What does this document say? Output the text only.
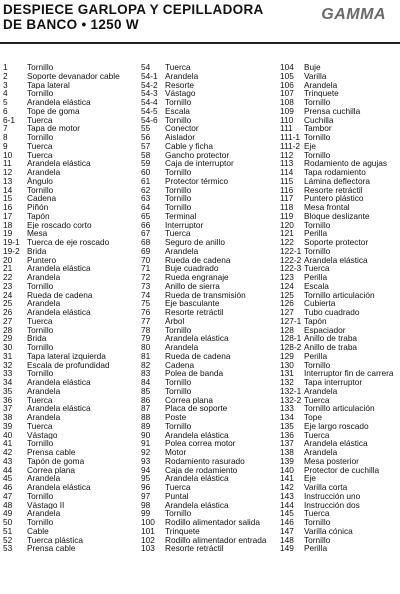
DESPIECE GARLOPA Y CEPILLADORA
DE BANCO • 1250 W
GAMMA
1	Tornillo
2	Soporte devanador cable
3	Tapa lateral
4	Tornillo
5	Arandela elástica
6	Tope de goma
6-1	Tuerca
7	Tapa de motor
8	Tornillo
9	Tuerca
10	Tuerca
11	Arandela elástica
12	Arandela
13	Ángulo
14	Tornillo
15	Cadena
16	Piñón
17	Tapón
18	Eje roscado corto
19	Mesa
19-1 Tuerca de eje roscado
19-2 Brida
20	Puntero
21	Arandela elástica
22	Arandela
23	Tornillo
24	Rueda de cadena
25	Arandela
26	Arandela elástica
27	Tuerca
28	Tornillo
29	Brida
30	Tornillo
31	Tapa lateral izquierda
32	Escala de profundidad
33	Tornillo
34	Arandela elástica
35	Arandela
36	Tuerca
37	Arandela elástica
38	Arandela
39	Tuerca
40	Vástago
41	Tornillo
42	Prensa cable
43	Tapón de goma
44	Correa plana
45	Arandela
46	Arandela elástica
47	Tornillo
48	Vástago II
49	Arandela
50	Tornillo
51	Cable
52	Tuerca plástica
53	Prensa cable
54	Tuerca
54-1 Arandela
54-2 Resorte
54-3 Vástago
54-4 Tornillo
54-5 Escala
54-6 Tornillo
55	Conector
56	Aislador
57	Cable y ficha
58	Gancho protector
59	Caja de interruptor
60	Tornillo
61	Protector térmico
62	Tornillo
63	Tornillo
64	Tornillo
65	Terminal
66	Interruptor
67	Tuerca
68	Seguro de anillo
69	Arandela
70	Rueda de cadena
71	Buje cuadrado
72	Rueda engranaje
73	Anillo de sierra
74	Rueda de transmisión
75	Eje basculante
76	Resorte retráctil
77	Árbol
78	Tornillo
79	Arandela elástica
80	Arandela
81	Rueda de cadena
82	Cadena
83	Polea de banda
84	Tornillo
85	Tornillo
86	Correa plana
87	Placa de soporte
88	Poste
89	Tornillo
90	Arandela elástica
91	Polea correa motor
92	Motor
93	Rodamiento rasurado
94	Caja de rodamiento
95	Arandela elástica
96	Tuerca
97	Puntal
98	Arandela elástica
99	Tornillo
100	Rodillo alimentador salida
101	Trinquete
102	Rodillo alimentador entrada
103	Resorte retráctil
104	Buje
105	Varilla
106	Arandela
107	Trinquete
108	Tornillo
109	Prensa cuchilla
110	Cuchilla
111	Tambor
111-1 Tornillo
111-2 Eje
112	Tornillo
113	Rodamiento de agujas
114	Tapa rodamiento
115	Lámina deflectora
116	Resorte retráctil
117	Puntero plástico
118	Mesa frontal
119	Bloque deslizante
120	Tornillo
121	Perilla
122	Soporte protector
122-1 Tornillo
122-2 Arandela elástica
122-3 Tuerca
123	Perilla
124	Escala
125	Tornillo articulación
126	Cubierta
127	Tubo cuadrado
127-1 Tapón
128	Espaciador
128-1 Anillo de traba
128-2 Anillo de traba
129	Perilla
130	Tornillo
131	Interruptor fin de carrera
132	Tapa interruptor
132-1 Arandela
132-2 Tuerca
133	Tornillo articulación
134	Tope
135	Eje largo roscado
136	Tuerca
137	Arandela elástica
138	Arandela
139	Mesa posterior
140	Protector de cuchilla
141	Eje
142	Varilla corta
143	Instrucción uno
144	Instrucción dos
145	Tuerca
146	Tornillo
147	Varilla cónica
148	Tornillo
149	Perilla
